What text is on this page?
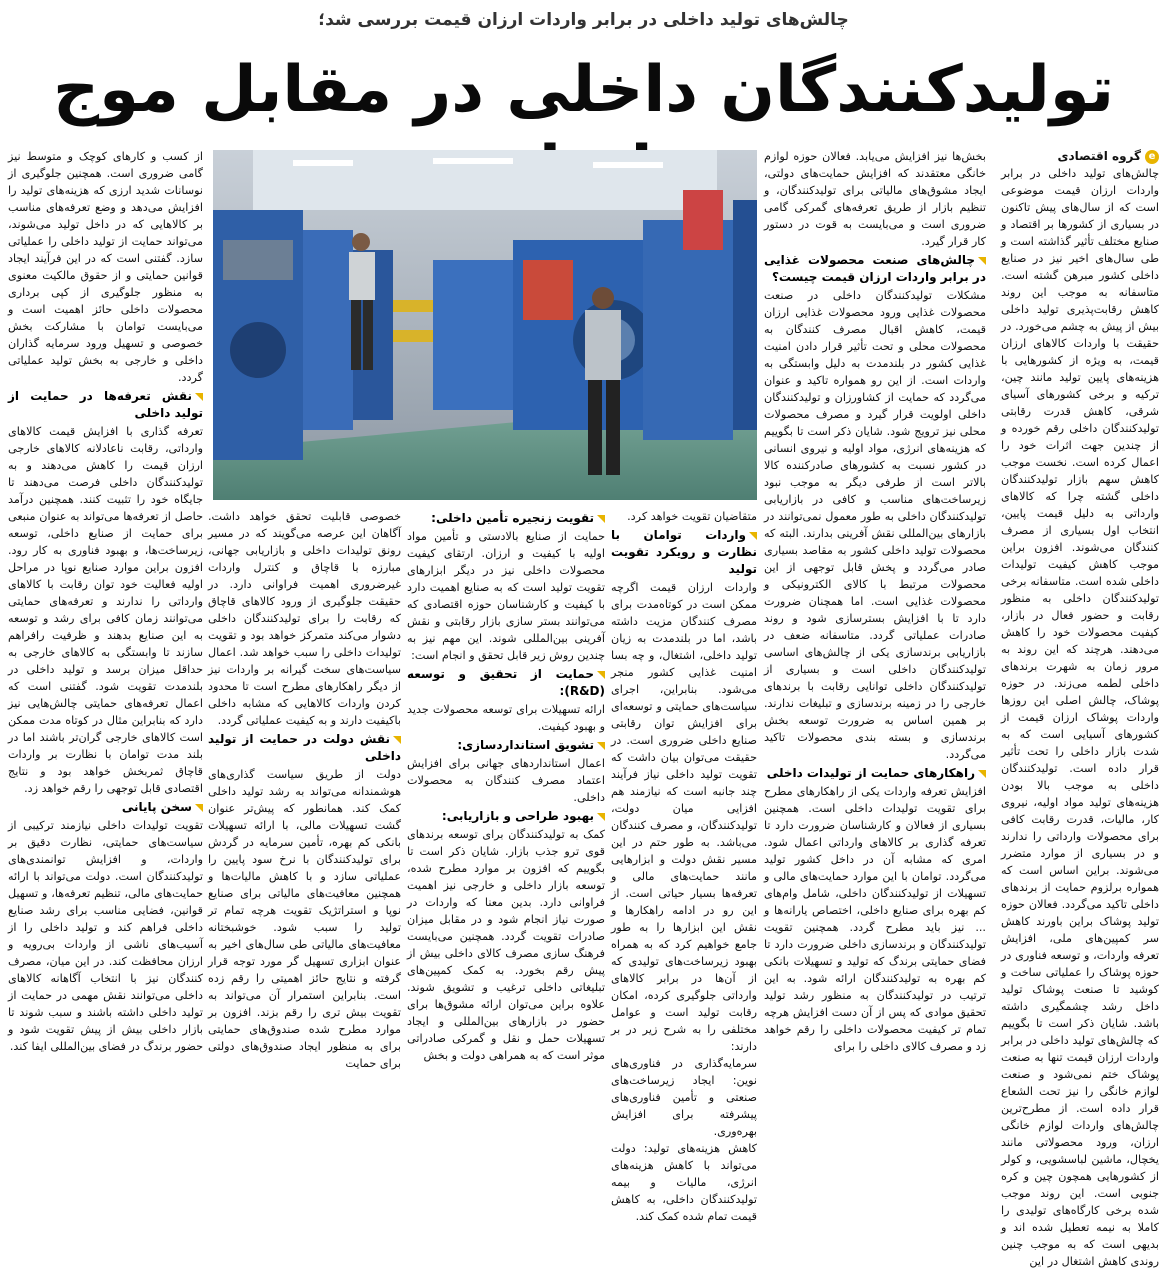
چالش‌های تولید داخلی در برابر واردات ارزان قیمت بررسی شد؛
تولیدکنندگان داخلی در مقابل موج
eگروه اقتصادی

چالش‌های تولید داخلی در برابر واردات ارزان قیمت موضوعی است که از سال‌های پیش تاکنون در بسیاری از کشورها بر اقتصاد و صنایع مختلف تأثیر گذاشته است و طی سال‌های اخیر نیز در صنایع داخلی کشور مبرهن گشته است. متاسفانه به موجب این روند کاهش رقابت‌پذیری تولید داخلی بیش از پیش به چشم می‌خورد. در حقیقت با واردات کالاهای ارزان قیمت، به ویژه از کشورهایی با هزینه‌های پایین تولید مانند چین، ترکیه و برخی کشورهای آسیای شرقی، کاهش قدرت رقابتی تولیدکنندگان داخلی رقم خورده و از چندین جهت اثرات خود را اعمال کرده است. نخست موجب کاهش سهم بازار تولیدکنندگان داخلی گشته چرا که کالاهای وارداتی به دلیل قیمت پایین، انتخاب اول بسیاری از مصرف کنندگان می‌شوند. افزون براین موجب کاهش کیفیت تولیدات داخلی شده است. متاسفانه برخی تولیدکنندگان داخلی به منظور رقابت و حضور فعال در بازار، کیفیت محصولات خود را کاهش می‌دهند. هرچند که این روند به مرور زمان به شهرت برندهای داخلی لطمه می‌زند. در حوزه پوشاک، چالش اصلی این روزها واردات پوشاک ارزان قیمت از کشورهای آسیایی است که به شدت بازار داخلی را تحت تأثیر قرار داده است. تولیدکنندگان داخلی به موجب بالا بودن هزینه‌های تولید مواد اولیه، نیروی کار، مالیات، قدرت رقابت کافی برای محصولات وارداتی را ندارند و در بسیاری از موارد متضرر می‌شوند. براین اساس است که همواره برلزوم حمایت از برندهای داخلی تاکید می‌گردد. فعالان حوزه تولید پوشاک براین باورند کاهش سر کمپین‌های ملی، افزایش تعرفه واردات، و توسعه فناوری در حوزه پوشاک را عملیاتی ساخت و کوشید تا صنعت پوشاک تولید داخل رشد چشمگیری داشته باشد. شایان ذکر است تا بگوییم که چالش‌های تولید داخلی در برابر واردات ارزان قیمت تنها به صنعت پوشاک ختم نمی‌شود و صنعت لوازم خانگی را نیز تحت الشعاع قرار داده است. از مطرح‌ترین چالش‌های واردات لوازم خانگی ارزان، ورود محصولاتی مانند یخچال، ماشین لباسشویی، و کولر از کشورهایی همچون چین و کره جنوبی است. این روند موجب شده برخی کارگاه‌های تولیدی را کاملا به نیمه تعطیل شده اند و بدیهی است که به موجب چنین روندی کاهش اشتغال در این

بخش‌ها نیز افزایش می‌یابد. فعالان حوزه لوازم خانگی معتقدند که افزایش حمایت‌های دولتی، ایجاد مشوق‌های مالیاتی برای تولیدکنندگان، و تنظیم بازار از طریق تعرفه‌های گمرکی گامی ضروری است و می‌بایست به قوت در دستور کار قرار گیرد.

چالش‌های صنعت محصولات غذایی در برابر واردات ارزان قیمت چیست؟

مشکلات تولیدکنندگان داخلی در صنعت محصولات غذایی ورود محصولات غذایی ارزان قیمت، کاهش اقبال مصرف کنندگان به محصولات محلی و تحت تأثیر قرار دادن امنیت غذایی کشور در بلندمدت به دلیل وابستگی به واردات است. از این رو همواره تاکید و عنوان می‌گردد که حمایت از کشاورزان و تولیدکنندگان داخلی اولویت قرار گیرد و مصرف محصولات محلی نیز ترویج شود. شایان ذکر است تا بگوییم که هزینه‌های انرژی، مواد اولیه و نیروی انسانی در کشور نسبت به کشورهای صادرکننده کالا بالاتر است از طرفی دیگر به موجب نبود زیرساخت‌های مناسب و کافی در بازاریابی تولیدکنندگان داخلی به طور معمول نمی‌توانند در بازارهای بین‌المللی نقش آفرینی بدارند. البته که محصولات تولید داخلی کشور به مقاصد بسیاری صادر می‌گردد و پخش قابل توجهی از این محصولات مرتبط با کالای الکترونیکی و محصولات غذایی است. اما همچنان ضرورت دارد تا با افزایش بسترسازی شود و روند صادرات عملیاتی گردد. متاسفانه ضعف در بازاریابی برندسازی یکی از چالش‌های اساسی تولیدکنندگان داخلی است و بسیاری از تولیدکنندگان داخلی توانایی رقابت با برندهای خارجی را در زمینه برندسازی و تبلیغات ندارند. بر همین اساس به ضرورت توسعه بخش برندسازی و بسته بندی محصولات تاکید می‌گردد.

راهکارهای حمایت از تولیدات داخلی

افزایش تعرفه واردات یکی از راهکارهای مطرح برای تقویت تولیدات داخلی است. همچنین بسیاری از فعالان و کارشناسان ضرورت دارد تا تعرفه گذاری بر کالاهای وارداتی اعمال شود. امری که مشابه آن در داخل کشور تولید می‌گردد. توامان با این موارد حمایت‌های مالی و تسهیلات از تولیدکنندگان داخلی، شامل وام‌های کم بهره برای صنایع داخلی، اختصاص یارانه‌ها و ... نیز باید مطرح گردد. همچنین تقویت تولیدکنندگان و برندسازی داخلی ضرورت دارد تا فضای حمایتی برندگ که تولید و تسهیلات بانکی کم بهره به تولیدکنندگان ارائه شود. به این ترتیب در تولیدکنندگان به منظور رشد تولید تحقیق موادی که پس از آن دست افزایش هرچه تمام تر کیفیت محصولات داخلی را رقم خواهد زد و مصرف کالای داخلی را برای

متقاضیان تقویت خواهد کرد.

واردات توامان با نظارت و رویکرد تقویت تولید

واردات ارزان قیمت اگرچه ممکن است در کوتاه‌مدت برای مصرف کنندگان مزیت داشته باشد، اما در بلندمدت به زیان تولید داخلی، اشتغال، و چه بسا امنیت غذایی کشور منجر می‌شود. بنابراین، اجرای سیاست‌های حمایتی و توسعه‌ای برای افزایش توان رقابتی صنایع داخلی ضروری است. در حقیقت می‌توان بیان داشت که تقویت تولید داخلی نیاز فرآیند چند جانبه است که نیازمند هم افزایی میان دولت، تولیدکنندگان، و مصرف کنندگان می‌باشد. به طور حتم در این مسیر نقش دولت و ابزارهایی مانند حمایت‌های مالی و تعرفه‌ها بسیار حیاتی است. از این رو در ادامه راهکارها و نقش این ابزارها را به طور جامع خواهیم کرد که به همراه بهبود زیرساخت‌های تولیدی که از آن‌ها در برابر کالاهای وارداتی جلوگیری کرده، امکان رقابت تولید است و عوامل مختلفی را به شرح زیر در بر دارند:

سرمایه‌گذاری در فناوری‌های نوین: ایجاد زیرساخت‌های صنعتی و تأمین فناوری‌های پیشرفته برای افزایش بهره‌وری.

کاهش هزینه‌های تولید: دولت می‌تواند با کاهش هزینه‌های انرژی، مالیات و بیمه تولیدکنندگان داخلی، به کاهش قیمت تمام شده کمک کند.

تقویت زنجیره تأمین داخلی:

حمایت از صنایع بالادستی و تأمین مواد اولیه با کیفیت و ارزان. ارتقای کیفیت محصولات داخلی نیز در دیگر ابزارهای تقویت تولید است که به صنایع اهمیت دارد با کیفیت و کارشناسان حوزه اقتصادی که می‌توانند بستر سازی بازار رقابتی و نقش آفرینی بین‌المللی شوند. این مهم نیز به چندین روش زیر قابل تحقق و انجام است:

حمایت از تحقیق و توسعه (R&D):

ارائه تسهیلات برای توسعه محصولات جدید و بهبود کیفیت.

تشویق استانداردسازی:

اعمال استانداردهای جهانی برای افزایش اعتماد مصرف کنندگان به محصولات داخلی.

بهبود طراحی و بازاریابی:

کمک به تولیدکنندگان برای توسعه برندهای قوی ترو جذب بازار. شایان ذکر است تا بگوییم که افزون بر موارد مطرح شده، توسعه بازار داخلی و خارجی نیز اهمیت فراوانی دارد. بدین معنا که واردات در صورت نیاز انجام شود و در مقابل میزان صادرات تقویت گردد. همچنین می‌بایست فرهنگ سازی مصرف کالای داخلی بیش از پیش رقم بخورد. به کمک کمپین‌های تبلیغاتی داخلی ترغیب و تشویق شوند. علاوه براین می‌توان ارائه مشوق‌ها برای حضور در بازارهای بین‌المللی و ایجاد تسهیلات حمل و نقل و گمرکی صادراتی موثر است که به همراهی دولت و بخش

خصوصی قابلیت تحقق خواهد داشت. آگاهان این عرصه می‌گویند که در مسیر رونق تولیدات داخلی و بازاریابی جهانی، مبارزه با قاچاق و کنترل واردات غیرضروری اهمیت فراوانی دارد. در حقیقت جلوگیری از ورود کالاهای قاچاق که رقابت را برای تولیدکنندگان داخلی دشوار می‌کند متمرکز خواهد بود و تقویت تولیدات داخلی را سبب خواهد شد. اعمال سیاست‌های سخت گیرانه بر واردات نیز از دیگر راهکارهای مطرح است تا محدود کردن واردات کالاهایی که مشابه داخلی باکیفیت دارند و به کیفیت عملیاتی گردد.

نقش دولت در حمایت از تولید داخلی

دولت از طریق سیاست گذاری‌های هوشمندانه می‌تواند به رشد تولید داخلی کمک کند. همانطور که پیش‌تر عنوان گشت تسهیلات مالی، با ارائه تسهیلات بانکی کم بهره، تأمین سرمایه در گردش برای تولیدکنندگان با نرخ سود پایین را عملیاتی سازد و با کاهش مالیات‌ها و همچنین معافیت‌های مالیاتی برای صنایع نوپا و استراتژیک تقویت هرچه تمام تر تولید را سبب شود. خوشبختانه معافیت‌های مالیاتی طی سال‌های اخیر به عنوان ابزاری تسهیل گر مورد توجه قرار گرفته و نتایج حائز اهمیتی را رقم زده است. بنابراین استمرار آن می‌تواند به تقویت بیش تری را رقم بزند. افزون بر موارد مطرح شده صندوق‌های حمایتی برای به منظور ایجاد صندوق‌های دولتی برای حمایت

از کسب و کارهای کوچک و متوسط نیز گامی ضروری است. همچنین جلوگیری از نوسانات شدید ارزی که هزینه‌های تولید را افزایش می‌دهد و وضع تعرفه‌های مناسب بر کالاهایی که در داخل تولید می‌شوند، می‌تواند حمایت از تولید داخلی را عملیاتی سازد. گفتنی است که در این فرآیند ایجاد قوانین حمایتی و از حقوق مالکیت معنوی به منظور جلوگیری از کپی برداری محصولات داخلی حائز اهمیت است و می‌بایست توامان با مشارکت بخش خصوصی و تسهیل ورود سرمایه گذاران داخلی و خارجی به بخش تولید عملیاتی گردد.

نقش تعرفه‌ها در حمایت از تولید داخلی

تعرفه گذاری با افزایش قیمت کالاهای وارداتی، رقابت ناعادلانه کالاهای خارجی ارزان قیمت را کاهش می‌دهند و به تولیدکنندگان داخلی فرصت می‌دهند تا جایگاه خود را تثبیت کنند. همچنین درآمد حاصل از تعرفه‌ها می‌تواند به عنوان منبعی برای حمایت از صنایع داخلی، توسعه زیرساخت‌ها، و بهبود فناوری به کار رود. افزون براین موارد صنایع نوپا در مراحل اولیه فعالیت خود توان رقابت با کالاهای وارداتی را ندارند و تعرفه‌های حمایتی می‌توانند زمان کافی برای رشد و توسعه به این صنایع بدهند و ظرفیت رافراهم سازند تا وابستگی به کالاهای خارجی به حداقل میزان برسد و تولید داخلی در بلندمدت تقویت شود. گفتنی است که اعمال تعرفه‌های حمایتی چالش‌هایی نیز دارد که بنابراین مثال در کوتاه مدت ممکن است کالاهای خارجی گران‌تر باشند اما در بلند مدت توامان با نظارت بر واردات قاچاق ثمربخش خواهد بود و نتایج اقتصادی قابل توجهی را رقم خواهد زد.

سخن پایانی

تقویت تولیدات داخلی نیازمند ترکیبی از سیاست‌های حمایتی، نظارت دقیق بر واردات، و افزایش توانمندی‌های تولیدکنندگان است. دولت می‌تواند با ارائه حمایت‌های مالی، تنظیم تعرفه‌ها، و تسهیل قوانین، فضایی مناسب برای رشد صنایع داخلی فراهم کند و تولید داخلی را از آسیب‌های ناشی از واردات بی‌رویه و ارزان محافظت کند. در این میان، مصرف کنندگان نیز با انتخاب آگاهانه کالاهای داخلی می‌توانند نقش مهمی در حمایت از تولید داخلی داشته باشند و سبب شوند تا بازار داخلی بیش از پیش تقویت شود و حضور برندگ در فضای بین‌المللی ایفا کند.
